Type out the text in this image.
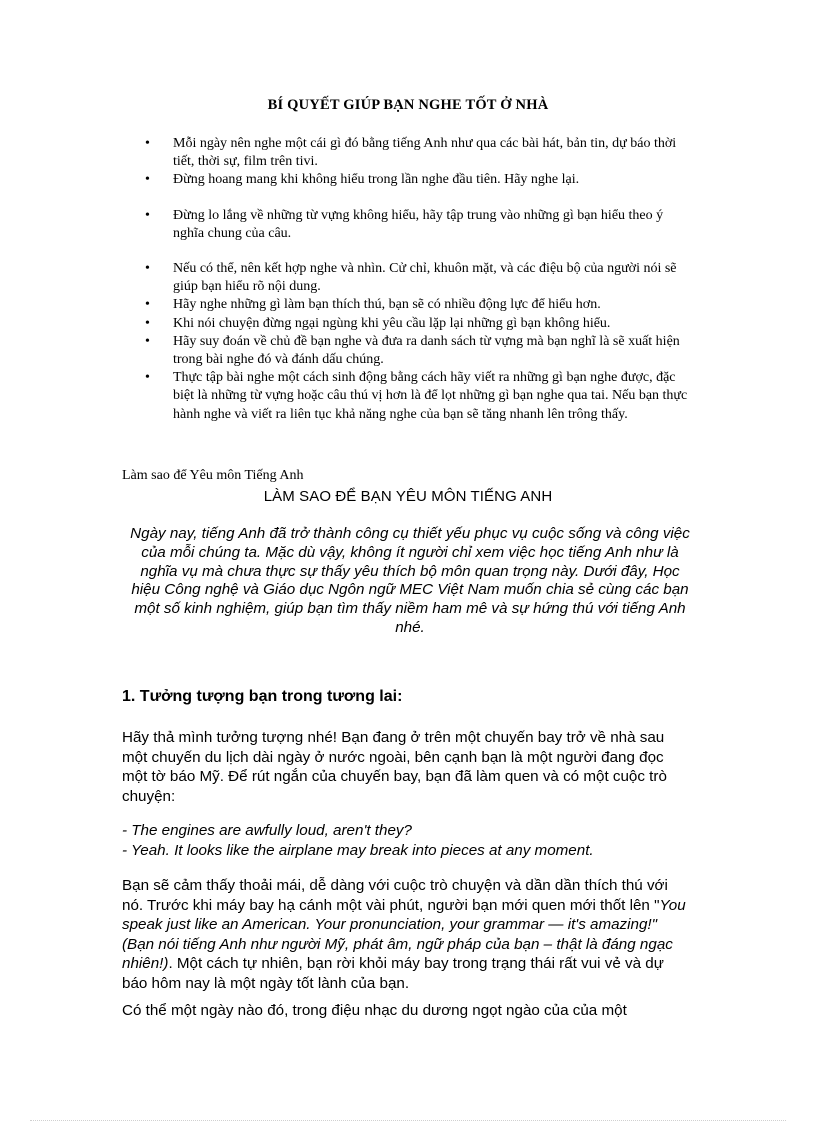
BÍ QUYẾT GIÚP BẠN NGHE TỐT Ở NHÀ
• Mỗi ngày nên nghe một cái gì đó bằng tiếng Anh như qua các bài hát, bản tin, dự báo thời tiết, thời sự, film trên tivi.
• Đừng hoang mang khi không hiểu trong lần nghe đầu tiên. Hãy nghe lại.
• Đừng lo lắng về những từ vựng không hiểu, hãy tập trung vào những gì bạn hiểu theo ý nghĩa chung của câu.
• Nếu có thể, nên kết hợp nghe và nhìn. Cử chỉ, khuôn mặt, và các điệu bộ của người nói sẽ giúp bạn hiểu rõ nội dung.
• Hãy nghe những gì làm bạn thích thú, bạn sẽ có nhiều động lực để hiểu hơn.
• Khi nói chuyện đừng ngại ngùng khi yêu cầu lặp lại những gì bạn không hiểu.
• Hãy suy đoán về chủ đề bạn nghe và đưa ra danh sách từ vựng mà bạn nghĩ là sẽ xuất hiện trong bài nghe đó và đánh dấu chúng.
• Thực tập bài nghe một cách sinh động bằng cách hãy viết ra những gì bạn nghe được, đặc biệt là những từ vựng hoặc câu thú vị hơn là để lọt những gì bạn nghe qua tai. Nếu bạn thực hành nghe và viết ra liên tục khả năng nghe của bạn sẽ tăng nhanh lên trông thấy.
Làm sao để Yêu môn Tiếng Anh
LÀM SAO ĐỂ BẠN YÊU MÔN TIẾNG ANH

Ngày nay, tiếng Anh đã trở thành công cụ thiết yếu phục vụ cuộc sống và công việc của mỗi chúng ta. Mặc dù vậy, không ít người chỉ xem việc học tiếng Anh như là nghĩa vụ mà chưa thực sự thấy yêu thích bộ môn quan trọng này. Dưới đây, Học hiệu Công nghệ và Giáo dục Ngôn ngữ MEC Việt Nam muốn chia sẻ cùng các bạn một số kinh nghiệm, giúp bạn tìm thấy niềm ham mê và sự hứng thú với tiếng Anh nhé.

1. Tưởng tượng bạn trong tương lai:

Hãy thả mình tưởng tượng nhé! Bạn đang ở trên một chuyến bay trở về nhà sau một chuyến du lịch dài ngày ở nước ngoài, bên cạnh bạn là một người đang đọc một tờ báo Mỹ. Để rút ngắn của chuyến bay, bạn đã làm quen và có một cuộc trò chuyện:

- The engines are awfully loud, aren't they?
- Yeah. It looks like the airplane may break into pieces at any moment.

Bạn sẽ cảm thấy thoải mái, dễ dàng với cuộc trò chuyện và dần dần thích thú với nó. Trước khi máy bay hạ cánh một vài phút, người bạn mới quen mới thốt lên "You speak just like an American. Your pronunciation, your grammar — it's amazing!" (Bạn nói tiếng Anh như người Mỹ, phát âm, ngữ pháp của bạn – thật là đáng ngạc nhiên!). Một cách tự nhiên, bạn rời khỏi máy bay trong trạng thái rất vui vẻ và dự báo hôm nay là một ngày tốt lành của bạn.

Có thể một ngày nào đó, trong điệu nhạc du dương ngọt ngào của của một
